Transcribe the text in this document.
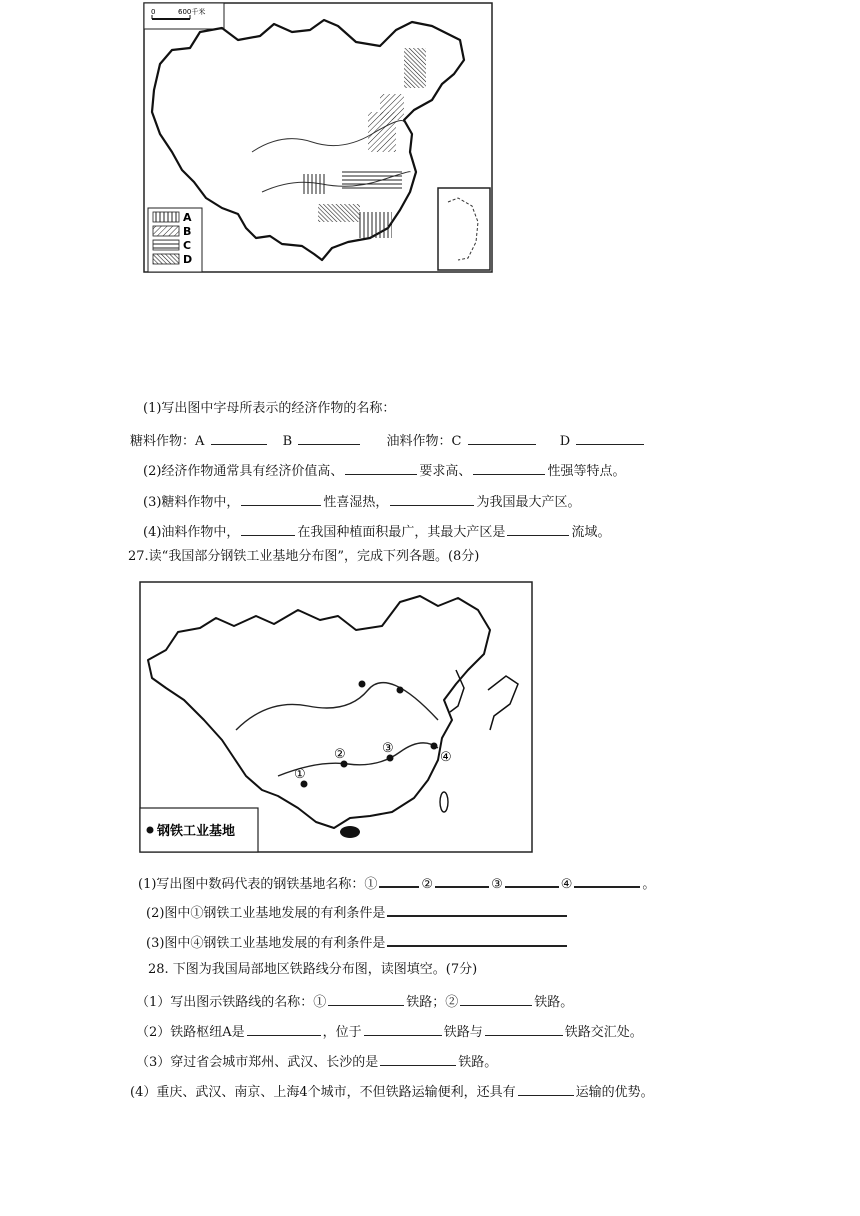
0	600千米
A
B
C
D
(1)写出图中字母所表示的经济作物的名称：
糖料作物：A	B	油料作物：C	D
(2)经济作物通常具有经济价值高、	要求高、	性强等特点。
(3)糖料作物中，	性喜湿热，	为我国最大产区。
(4)油料作物中，	在我国种植面积最广，其最大产区是	流域。
27.读“我国部分钢铁工业基地分布图”，完成下列各题。(8分)
①
②	③
④
钢铁工业基地
(1)写出图中数码代表的钢铁基地名称：①	②	③	④	。
(2)图中①钢铁工业基地发展的有利条件是
(3)图中④钢铁工业基地发展的有利条件是
28. 下图为我国局部地区铁路线分布图，读图填空。(7分)
（1）写出图示铁路线的名称：①	铁路；②	铁路。
（2）铁路枢纽A是	，位于	铁路与	铁路交汇处。
（3）穿过省会城市郑州、武汉、长沙的是	铁路。
(4）重庆、武汉、南京、上海4个城市，不但铁路运输便利，还具有	运输的优势。
